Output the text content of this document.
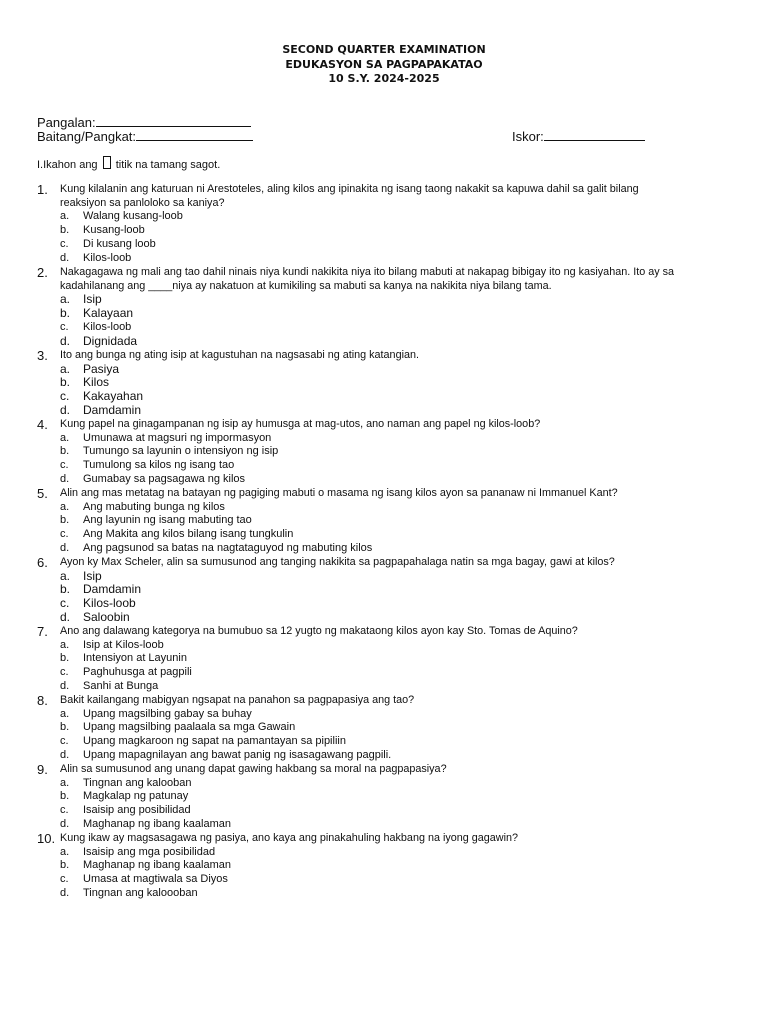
SECOND QUARTER EXAMINATION
EDUKASYON SA PAGPAPAKATAO
10 S.Y. 2024-2025
Pangalan:
Baitang/Pangkat:	Iskor:
I.Ikahon ang titik na tamang sagot.
1.	Kung kilalanin ang katuruan ni Arestoteles, aling kilos ang ipinakita ng isang taong nakakit sa kapuwa dahil sa galit bilang reaksiyon sa panloloko sa kaniya?
a.	Walang kusang-loob
b.	Kusang-loob
c.	Di kusang loob
d.	Kilos-loob
2.	Nakagagawa ng mali ang tao dahil ninais niya kundi nakikita niya ito bilang mabuti at nakapag bibigay ito ng kasiyahan. Ito ay sa kadahilanang ang ____niya ay nakatuon at kumikiling sa mabuti sa kanya na nakikita niya bilang tama.
a.	Isip
b.	Kalayaan
c.	Kilos-loob
d.	Dignidada
3.	Ito ang bunga ng ating isip at kagustuhan na nagsasabi ng ating katangian.
a.	Pasiya
b.	Kilos
c.	Kakayahan
d.	Damdamin
4.	Kung papel na ginagampanan ng isip ay humusga at mag-utos, ano naman ang papel ng kilos-loob?
a.	Umunawa at magsuri ng impormasyon
b.	Tumungo sa layunin o intensiyon ng isip
c.	Tumulong sa kilos ng isang tao
d.	Gumabay sa pagsagawa ng kilos
5.	Alin ang mas metatag na batayan ng pagiging mabuti o masama ng isang kilos ayon sa pananaw ni Immanuel Kant?
a.	Ang mabuting bunga ng kilos
b.	Ang layunin ng isang mabuting tao
c.	Ang Makita ang kilos bilang isang tungkulin
d.	Ang pagsunod sa batas na nagtataguyod ng mabuting kilos
6.	Ayon ky Max Scheler, alin sa sumusunod ang tanging nakikita sa pagpapahalaga natin sa mga bagay, gawi at kilos?
a.	Isip
b.	Damdamin
c.	Kilos-loob
d.	Saloobin
7.	Ano ang dalawang kategorya na bumubuo sa 12 yugto ng makataong kilos ayon kay Sto. Tomas de Aquino?
a.	Isip at Kilos-loob
b.	Intensiyon at Layunin
c.	Paghuhusga at pagpili
d.	Sanhi at Bunga
8.	Bakit kailangang mabigyan ngsapat na panahon sa pagpapasiya ang tao?
a.	Upang magsilbing gabay sa buhay
b.	Upang magsilbing paalaala sa mga Gawain
c.	Upang magkaroon ng sapat na pamantayan sa pipiliin
d.	Upang mapagnilayan ang bawat panig ng isasagawang pagpili.
9.	Alin sa sumusunod ang unang dapat gawing hakbang sa moral na pagpapasiya?
a.	Tingnan ang kalooban
b.	Magkalap ng patunay
c.	Isaisip ang posibilidad
d.	Maghanap ng ibang kaalaman
10. Kung ikaw ay magsasagawa ng pasiya, ano kaya ang pinakahuling hakbang na iyong gagawin?
a.	Isaisip ang mga posibilidad
b.	Maghanap ng ibang kaalaman
c.	Umasa at magtiwala sa Diyos
d.	Tingnan ang kaloooban
